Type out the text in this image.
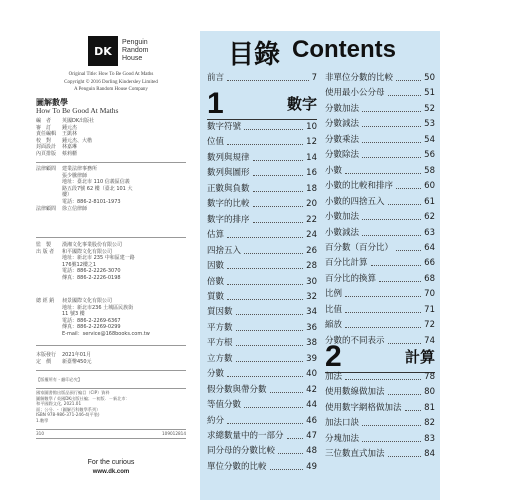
DK
Penguin
Random
House
Original Title: How To Be Good At Maths
Copyright © 2016 Dorling Kindersley Limited
A Penguin Random House Company
圖解數學
How To Be Good At Maths
編　者	英國DK出版社
審　訂	鍾元杰
責任編輯	王凱林
校　對	鍾元杰、大楷
封面設計	林嘉琳
內頁排版	蔡莉櫃
法律顧問	建業法律事務所
張少騰律師
地址：臺北市 110 信義區信義
路五段7號 62 樓（臺北 101 大
樓）
電話：886-2-8101-1973
法律顧問	徐立信律師
監　製	漢湘文化事業股份有限公司
出 版 者	和平國際文化有限公司
地址：新北市 235 中和區建一路
176號12樓之1
電話：886-2-2226-3070
傳真：886-2-2226-0198
總 經 銷	昶景國際文化有限公司
地址：新北市236 土城區民族街
11 號3 樓
電話：886-2-2269-6367
傳真：886-2-2269-0299
E-mail：service@168books.com.tw
本版發行	2021年01月
定　價	新臺幣450元
【版權所有・翻印必究】
國家圖書館出版品預行編目（CIP）資料
圖解數學 / 英國DK出版社編；－初版．－新北市：
和平國際文化, 2021.01
面；公分．-（圖解百科數學系列）
ISBN 978-986-371-246-4(平裝)
1.數學
310	109012814
For the curious
www.dk.com
目錄 Contents
前言	7
1	數字
數字符號	10
位值	12
數列與規律	14
數列與圖形	16
正數與負數	18
數字的比較	20
數字的排序	22
估算	24
四捨五入	26
因數	28
倍數	30
質數	32
質因數	34
平方數	36
平方根	38
立方數	39
分數	40
假分數與帶分數	42
等值分數	44
約分	46
求總數量中的一部分	47
同分母的分數比較	48
單位分數的比較	49
非單位分數的比較	50
使用最小公分母	51
分數加法	52
分數減法	53
分數乘法	54
分數除法	56
小數	58
小數的比較和排序	60
小數的四捨五入	61
小數加法	62
小數減法	63
百分數（百分比）	64
百分比計算	66
百分比的換算	68
比例	70
比值	71
縮放	72
分數的不同表示	74
2	計算
加法	78
使用數線做加法	80
使用數字網格做加法	81
加法口訣	82
分塊加法	83
三位數直式加法	84
